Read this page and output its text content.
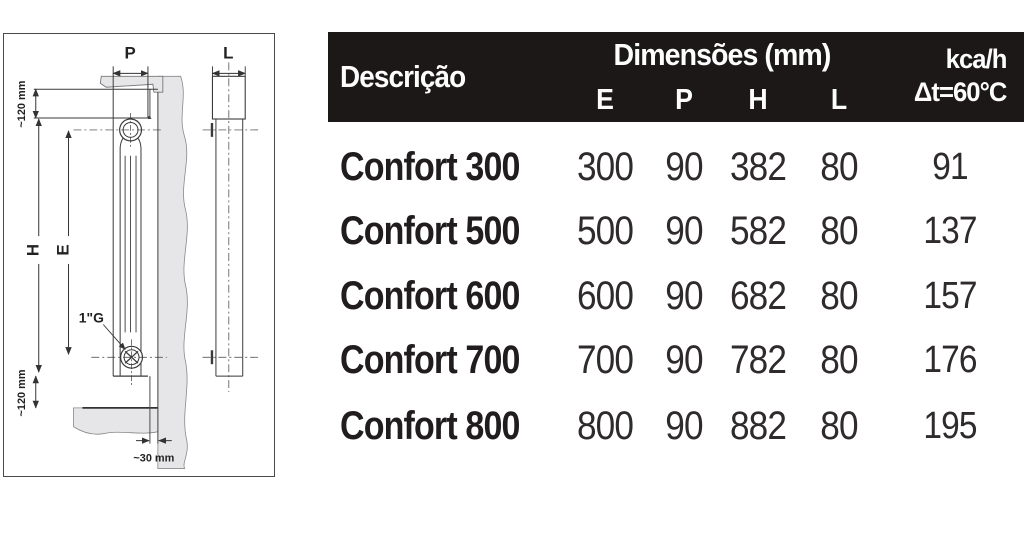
P	L
~120 mm
H E
~120 mm
~30 mm
1"G
Descrição
Dimensões (mm)
E	P	H	L
kca/h
Δt=60°C
Confort 300	300 90 382 80	91
Confort 500	500 90 582 80	137
Confort 600	600 90 682 80	157
Confort 700	700 90 782 80	176
Confort 800	800 90 882 80	195
